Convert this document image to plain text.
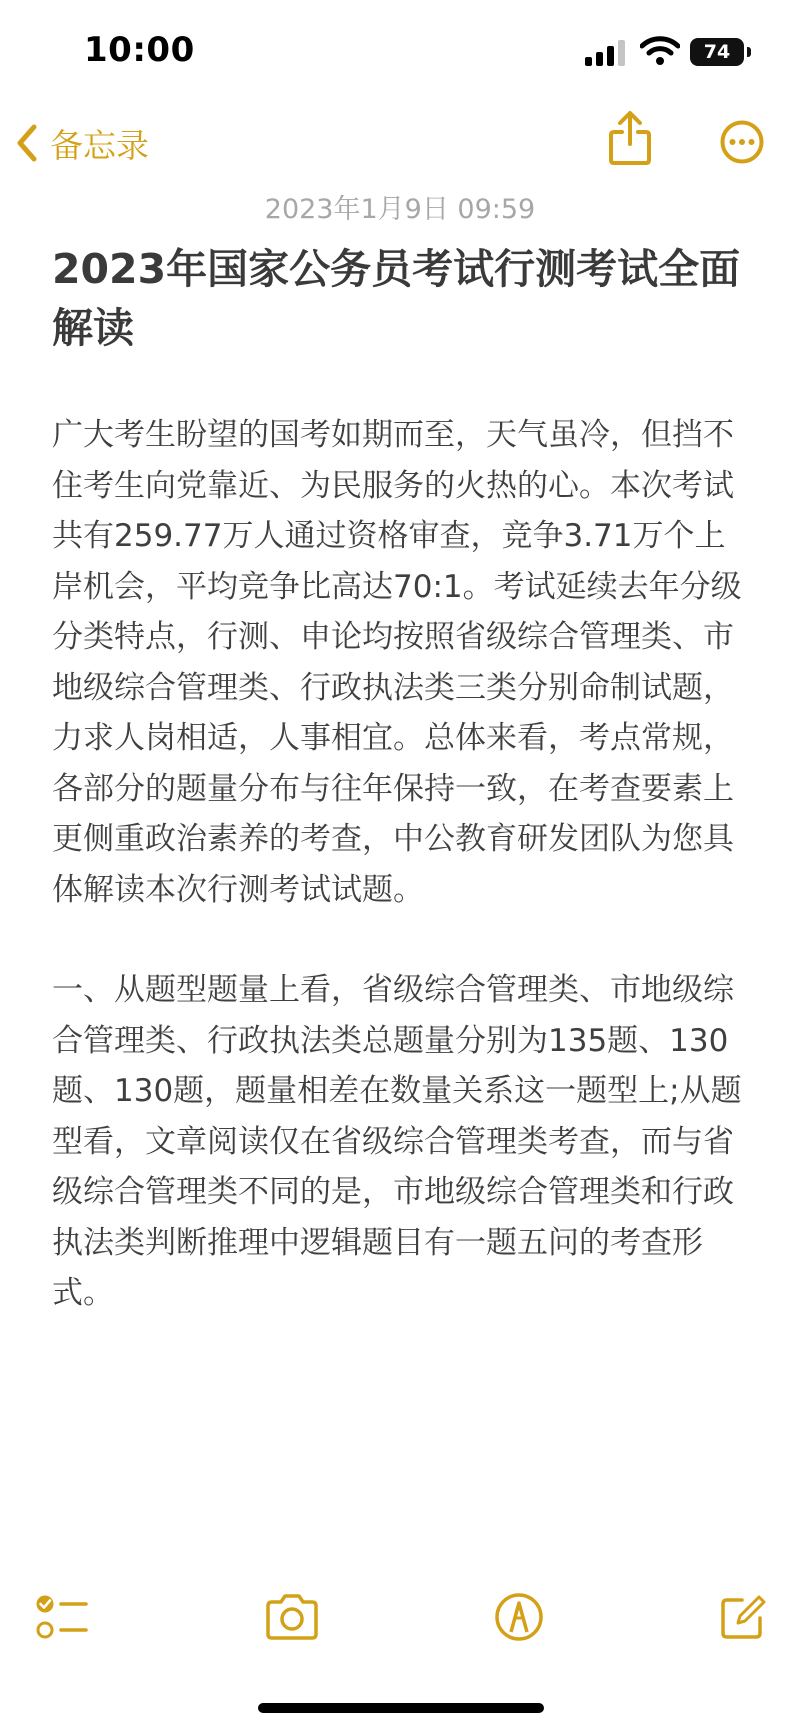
10:00	74
备忘录
2023年1月9日 09:59
2023年国家公务员考试行测考试全面解读

广大考生盼望的国考如期而至，天气虽冷，但挡不住考生向党靠近、为民服务的火热的心。本次考试共有259.77万人通过资格审查，竞争3.71万个上岸机会，平均竞争比高达70:1。考试延续去年分级分类特点，行测、申论均按照省级综合管理类、市地级综合管理类、行政执法类三类分别命制试题，力求人岗相适，人事相宜。总体来看，考点常规，各部分的题量分布与往年保持一致，在考查要素上更侧重政治素养的考查，中公教育研发团队为您具体解读本次行测考试试题。

一、从题型题量上看，省级综合管理类、市地级综合管理类、行政执法类总题量分别为135题、130题、130题，题量相差在数量关系这一题型上;从题型看，文章阅读仅在省级综合管理类考查，而与省级综合管理类不同的是，市地级综合管理类和行政执法类判断推理中逻辑题目有一题五问的考查形式。
